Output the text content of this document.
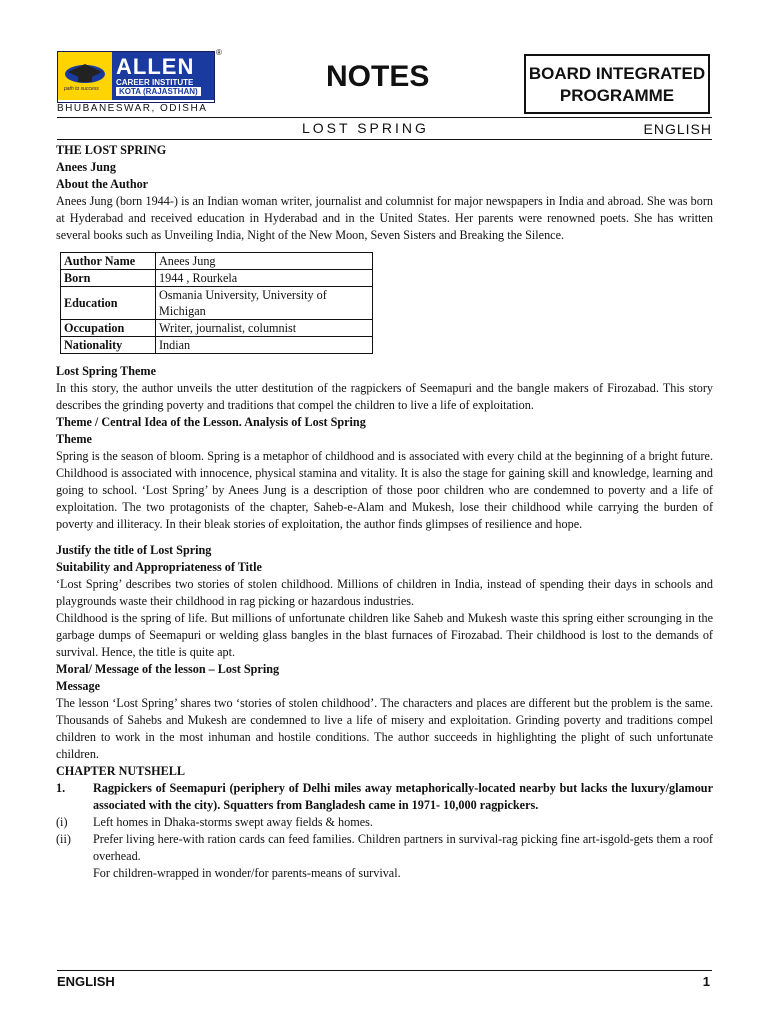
path to success
ALLEN
CAREER INSTITUTE
KOTA (RAJASTHAN)
®
BHUBANESWAR, ODISHA
NOTES	BOARD INTEGRATED
PROGRAMME
LOST SPRING	ENGLISH

THE LOST SPRING

Anees Jung

About the Author

Anees Jung (born 1944-) is an Indian woman writer, journalist and columnist for major newspapers in India and abroad. She was born at Hyderabad and received education in Hyderabad and in the United States. Her parents were renowned poets. She has written several books such as Unveiling India, Night of the New Moon, Seven Sisters and Breaking the Silence.

Author Name	Anees Jung
Born	1944 , Rourkela
Education	Osmania University, University of Michigan
Occupation	Writer, journalist, columnist
Nationality	Indian

Lost Spring Theme

In this story, the author unveils the utter destitution of the ragpickers of Seemapuri and the bangle makers of Firozabad. This story describes the grinding poverty and traditions that compel the children to live a life of exploitation.

Theme / Central Idea of the Lesson. Analysis of Lost Spring

Theme

Spring is the season of bloom. Spring is a metaphor of childhood and is associated with every child at the beginning of a bright future. Childhood is associated with innocence, physical stamina and vitality. It is also the stage for gaining skill and knowledge, learning and going to school. ‘Lost Spring’ by Anees Jung is a description of those poor children who are condemned to poverty and a life of exploitation. The two protagonists of the chapter, Saheb-e-Alam and Mukesh, lose their childhood while carrying the burden of poverty and illiteracy. In their bleak stories of exploitation, the author finds glimpses of resilience and hope.

Justify the title of Lost Spring

Suitability and Appropriateness of Title

‘Lost Spring’ describes two stories of stolen childhood. Millions of children in India, instead of spending their days in schools and playgrounds waste their childhood in rag picking or hazardous industries.

Childhood is the spring of life. But millions of unfortunate children like Saheb and Mukesh waste this spring either scrounging in the garbage dumps of Seemapuri or welding glass bangles in the blast furnaces of Firozabad. Their childhood is lost to the demands of survival. Hence, the title is quite apt.

Moral/ Message of the lesson – Lost Spring

Message

The lesson ‘Lost Spring’ shares two ‘stories of stolen childhood’. The characters and places are different but the problem is the same. Thousands of Sahebs and Mukesh are condemned to live a life of misery and exploitation. Grinding poverty and traditions compel children to work in the most inhuman and hostile conditions. The author succeeds in highlighting the plight of such unfortunate children.

CHAPTER NUTSHELL

1.	Ragpickers of Seemapuri (periphery of Delhi miles away metaphorically-located nearby but lacks the luxury/glamour associated with the city). Squatters from Bangladesh came in 1971- 10,000 ragpickers.
(i)	Left homes in Dhaka-storms swept away fields & homes.
(ii)	Prefer living here-with ration cards can feed families. Children partners in survival-rag picking fine art-isgold-gets them a roof overhead.
For children-wrapped in wonder/for parents-means of survival.
ENGLISH	1
